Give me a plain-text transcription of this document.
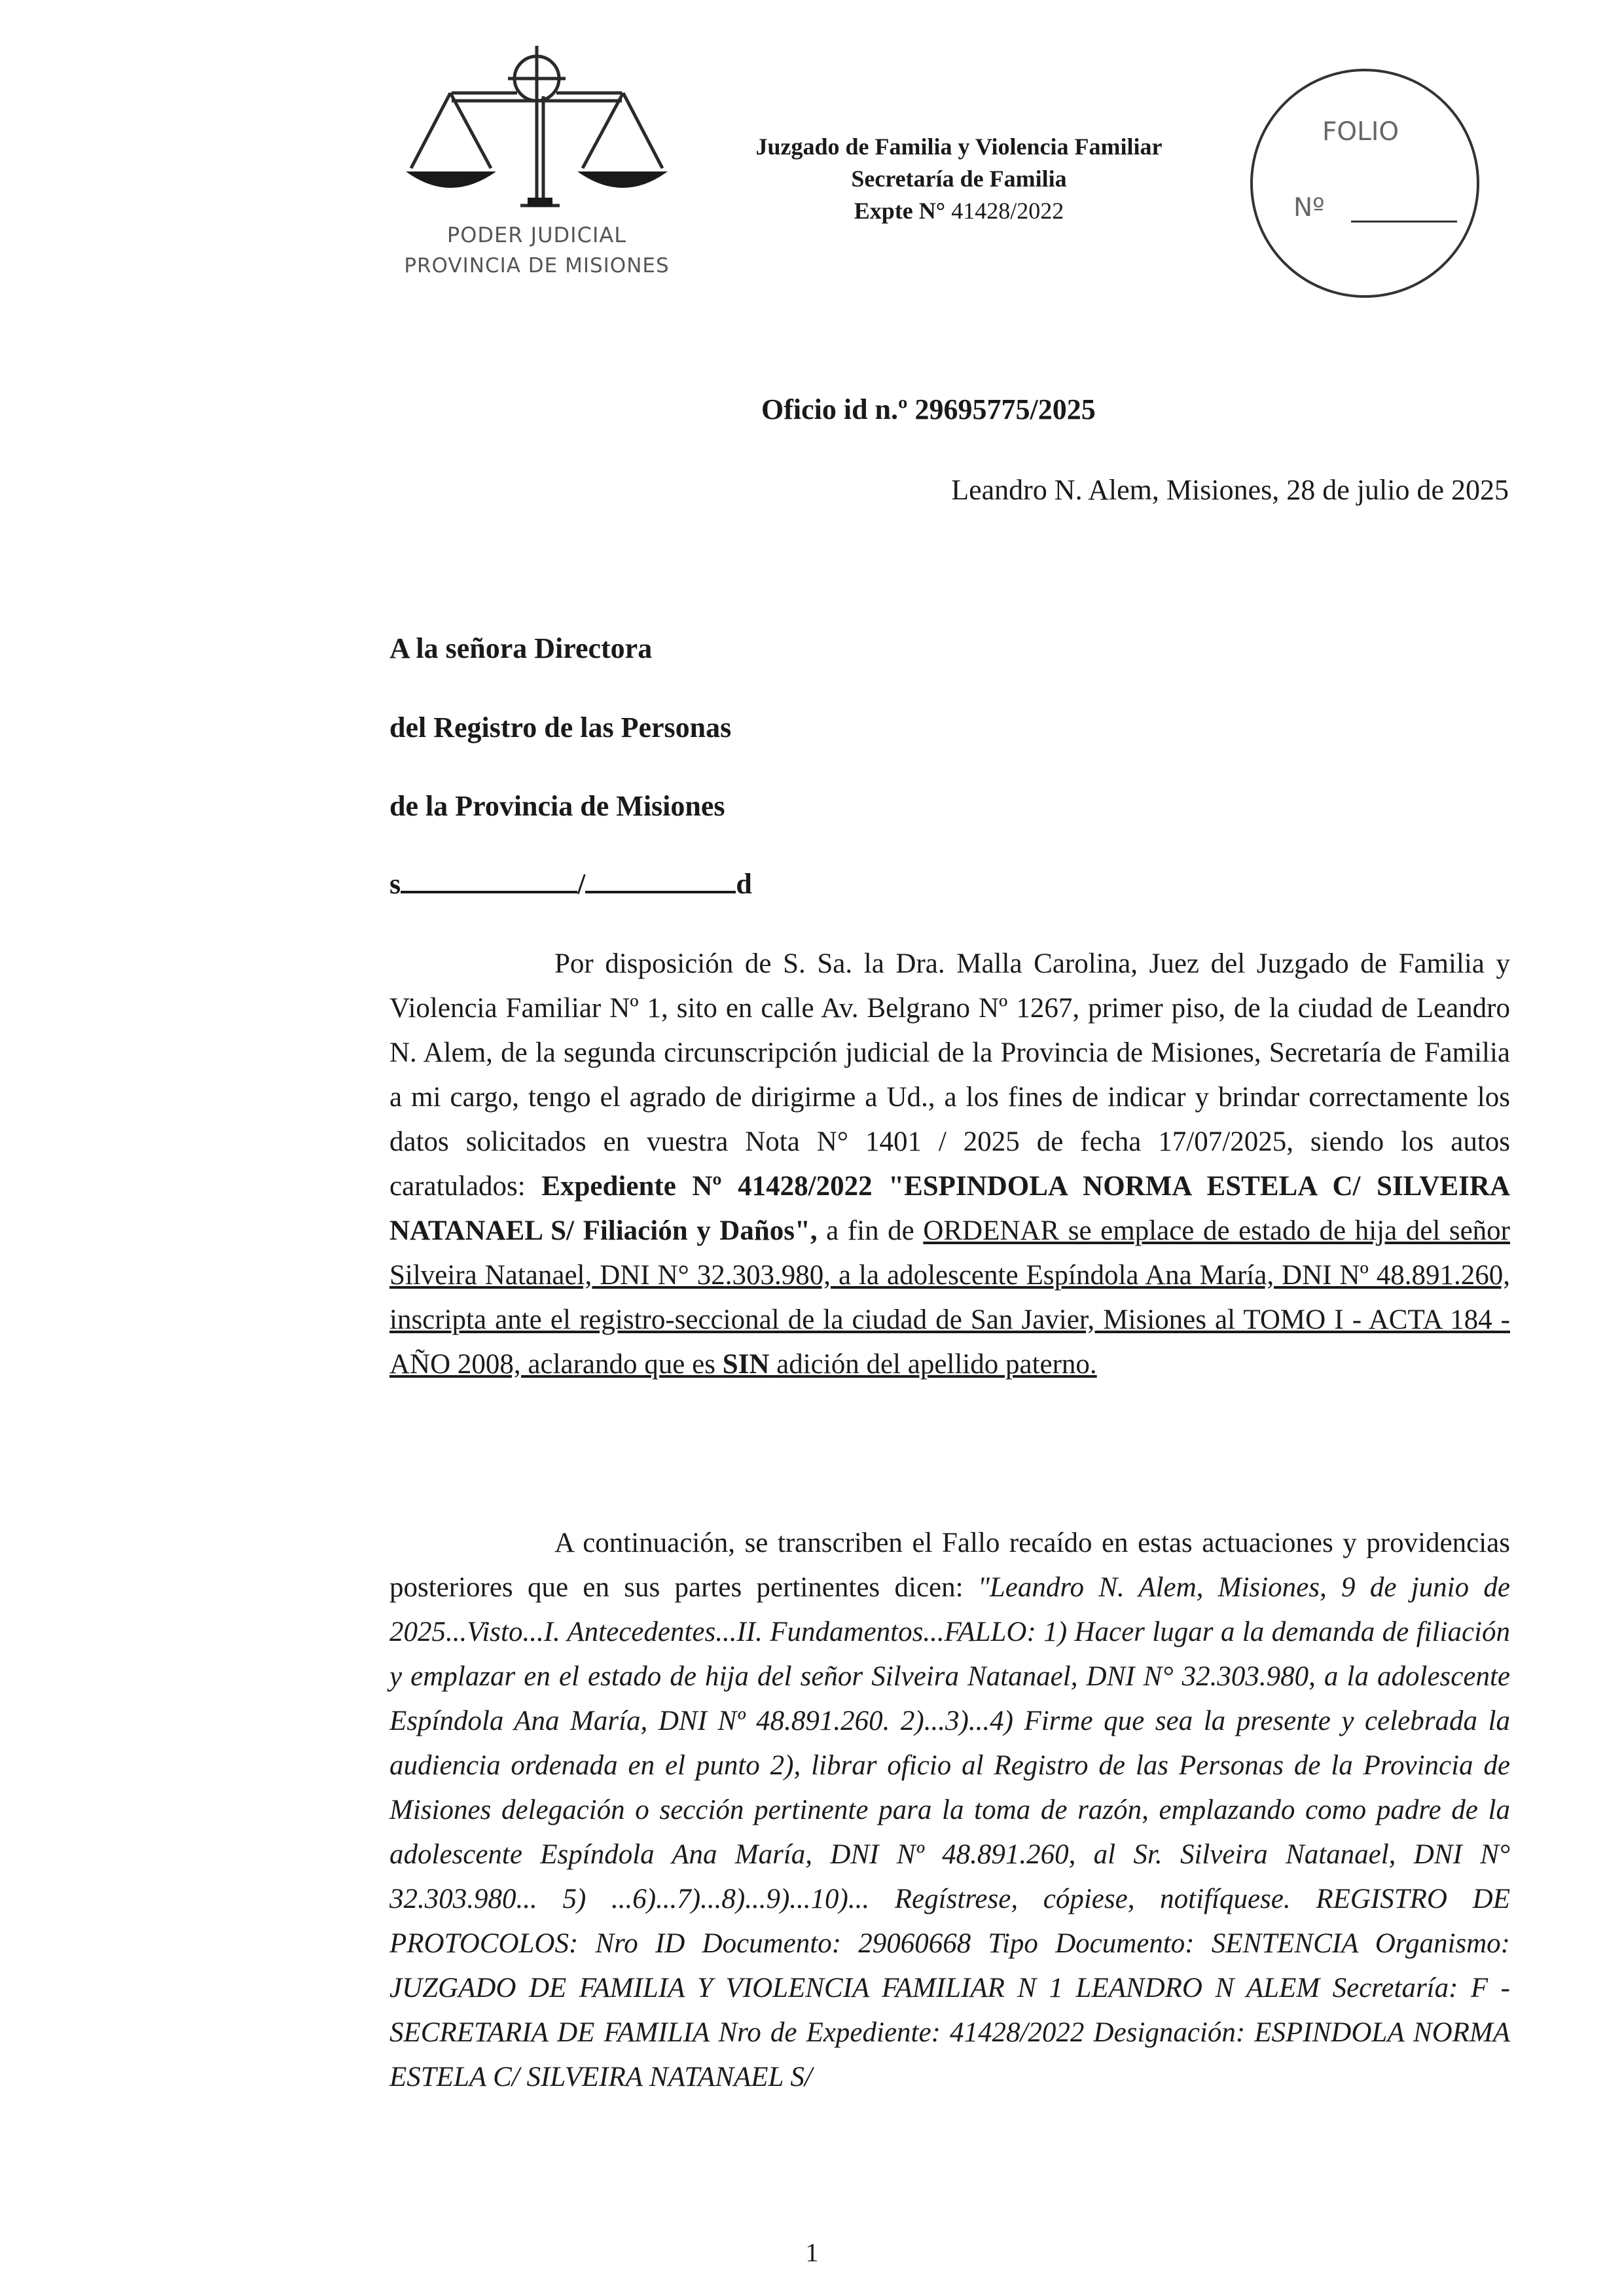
PODER JUDICIAL
PROVINCIA DE MISIONES
Juzgado de Familia y Violencia Familiar
Secretaría de Familia
Expte N° 41428/2022
FOLIO
Nº
Oficio id n.º 29695775/2025
Leandro N. Alem, Misiones, 28 de julio de 2025
A la señora Directora
del Registro de las Personas
de la Provincia de Misiones
s	/	d
Por disposición de S. Sa. la Dra. Malla Carolina, Juez del Juzgado de Familia y Violencia Familiar Nº 1, sito en calle Av. Belgrano Nº 1267, primer piso, de la ciudad de Leandro N. Alem, de la segunda circunscripción judicial de la Provincia de Misiones, Secretaría de Familia a mi cargo, tengo el agrado de dirigirme a Ud., a los fines de indicar y brindar correctamente los datos solicitados en vuestra Nota N° 1401 / 2025 de fecha 17/07/2025, siendo los autos caratulados: Expediente Nº 41428/2022 "ESPINDOLA NORMA ESTELA C/ SILVEIRA NATANAEL S/ Filiación y Daños", a fin de ORDENAR se emplace de estado de hija del señor Silveira Natanael, DNI N° 32.303.980, a la adolescente Espíndola Ana María, DNI Nº 48.891.260, inscripta ante el registro-seccional de la ciudad de San Javier, Misiones al TOMO I - ACTA 184 - AÑO 2008, aclarando que es SIN adición del apellido paterno.
A continuación, se transcriben el Fallo recaído en estas actuaciones y providencias posteriores que en sus partes pertinentes dicen: "Leandro N. Alem, Misiones, 9 de junio de 2025...Visto...I. Antecedentes...II. Fundamentos...FALLO: 1) Hacer lugar a la demanda de filiación y emplazar en el estado de hija del señor Silveira Natanael, DNI N° 32.303.980, a la adolescente Espíndola Ana María, DNI Nº 48.891.260. 2)...3)...4) Firme que sea la presente y celebrada la audiencia ordenada en el punto 2), librar oficio al Registro de las Personas de la Provincia de Misiones delegación o sección pertinente para la toma de razón, emplazando como padre de la adolescente Espíndola Ana María, DNI Nº 48.891.260, al Sr. Silveira Natanael, DNI N° 32.303.980... 5) ...6)...7)...8)...9)...10)... Regístrese, cópiese, notifíquese. REGISTRO DE PROTOCOLOS: Nro ID Documento: 29060668 Tipo Documento: SENTENCIA Organismo: JUZGADO DE FAMILIA Y VIOLENCIA FAMILIAR N 1 LEANDRO N ALEM Secretaría: F - SECRETARIA DE FAMILIA Nro de Expediente: 41428/2022 Designación: ESPINDOLA NORMA ESTELA C/ SILVEIRA NATANAEL S/
1
